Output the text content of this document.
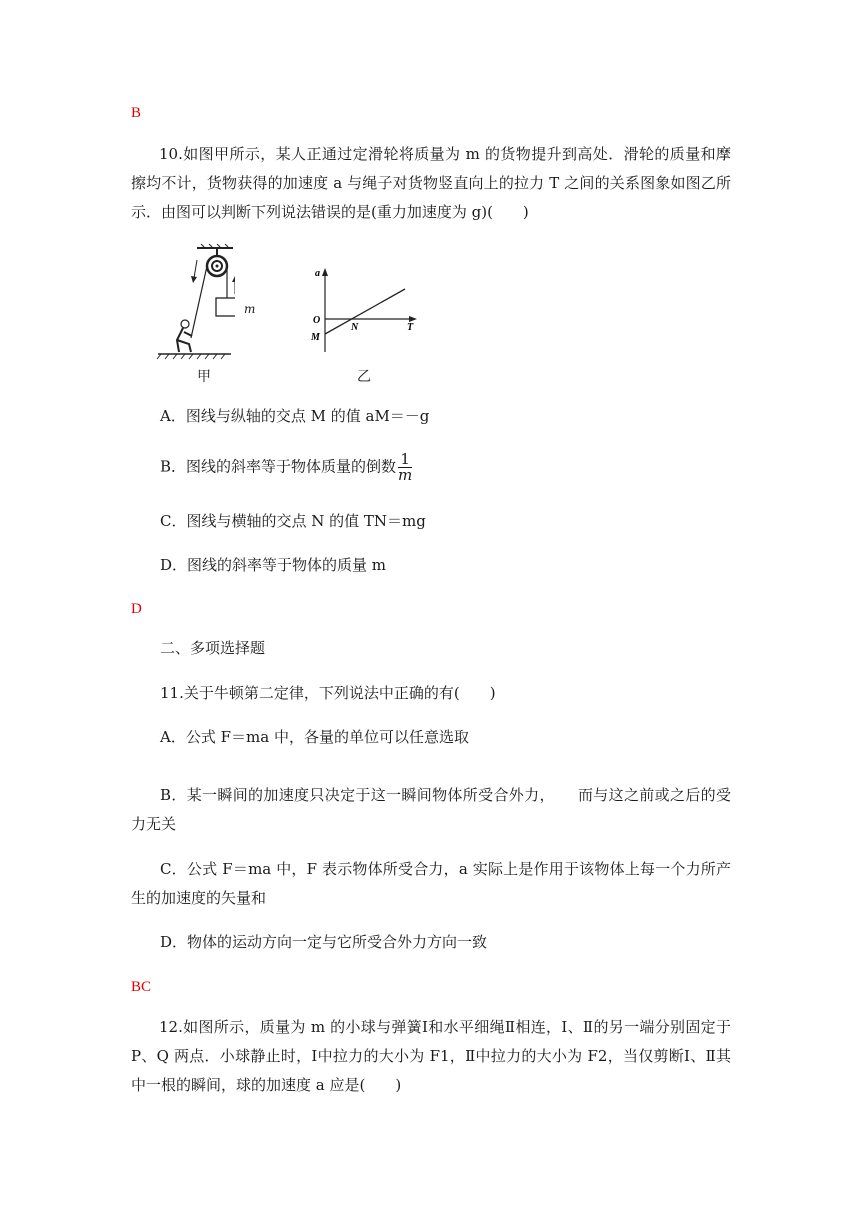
B
10.如图甲所示，某人正通过定滑轮将质量为 m 的货物提升到高处．滑轮的质量和摩擦均不计，货物获得的加速度 a 与绳子对货物竖直向上的拉力 T 之间的关系图象如图乙所示．由图可以判断下列说法错误的是(重力加速度为 g)(　　)
m
甲
a
O
N	T
M
乙
A．图线与纵轴的交点 M 的值 aM＝－g
B．图线的斜率等于物体质量的倒数 $\frac{1}{m}$
C．图线与横轴的交点 N 的值 TN＝mg
D．图线的斜率等于物体的质量 m
D
二、多项选择题
11.关于牛顿第二定律，下列说法中正确的有(　　)
A．公式 F＝ma 中，各量的单位可以任意选取
B．某一瞬间的加速度只决定于这一瞬间物体所受合外力，　　而与这之前或之后的受力无关
C．公式 F＝ma 中，F 表示物体所受合力，a 实际上是作用于该物体上每一个力所产生的加速度的矢量和
D．物体的运动方向一定与它所受合外力方向一致
BC
12.如图所示，质量为 m 的小球与弹簧Ⅰ和水平细绳Ⅱ相连，Ⅰ、Ⅱ的另一端分别固定于 P、Q 两点．小球静止时，Ⅰ中拉力的大小为 F1，Ⅱ中拉力的大小为 F2，当仅剪断Ⅰ、Ⅱ其中一根的瞬间，球的加速度 a 应是(　　)
